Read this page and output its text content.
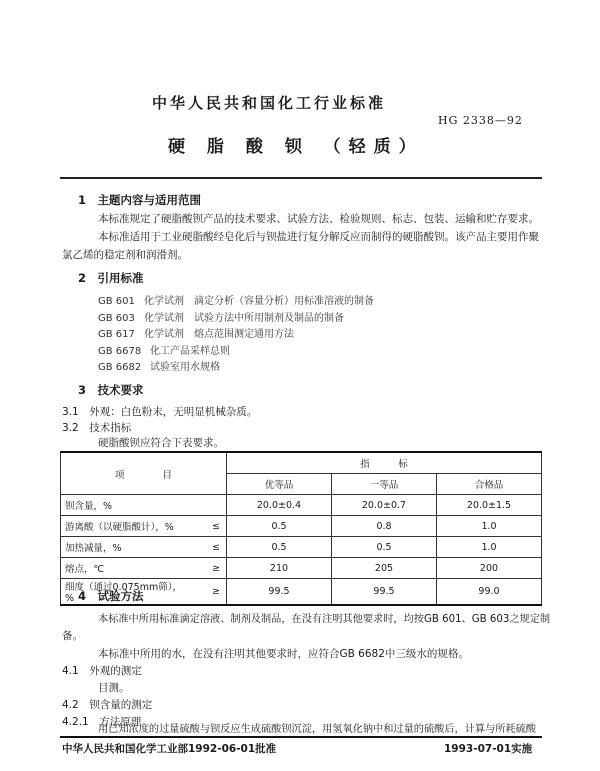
中华人民共和国化工行业标准
HG 2338—92
硬 脂 酸 钡 （轻质）
1　主题内容与适用范围
本标准规定了硬脂酸钡产品的技术要求、试验方法、检验规则、标志、包装、运输和贮存要求。
本标准适用于工业硬脂酸经皂化后与钡盐进行复分解反应而制得的硬脂酸钡。该产品主要用作聚
氯乙烯的稳定剂和润滑剂。
2　引用标准
GB 601 化学试剂　滴定分析（容量分析）用标准溶液的制备
GB 603 化学试剂　试验方法中所用制剂及制品的制备
GB 617 化学试剂　熔点范围测定通用方法
GB 6678 化工产品采样总则
GB 6682 试验室用水规格
3　技术要求
3.1　外观：白色粉末，无明显机械杂质。
3.2　技术指标
硬脂酸钡应符合下表要求。
项　　　　目		指　　　标		
		优等品	一等品	合格品
钡含量，%		20.0±0.4	20.0±0.7	20.0±1.5
游离酸（以硬脂酸计），%	≤	0.5	0.8	1.0
加热减量，%	≤	0.5	0.5	1.0
熔点，℃	≥	210	205	200
细度（通过0.075mm筛），%	≥	99.5	99.5	99.0
4　试验方法
本标准中所用标准滴定溶液、制剂及制品，在没有注明其他要求时，均按GB 601、GB 603之规定制
备。
本标准中所用的水，在没有注明其他要求时，应符合GB 6682中三级水的规格。
4.1　外观的测定
目测。
4.2　钡含量的测定
4.2.1　方法原理
用已知浓度的过量硫酸与钡反应生成硫酸钡沉淀，用氢氧化钠中和过量的硫酸后，计算与所耗硫酸
中华人民共和国化学工业部1992-06-01批准	1993-07-01实施
